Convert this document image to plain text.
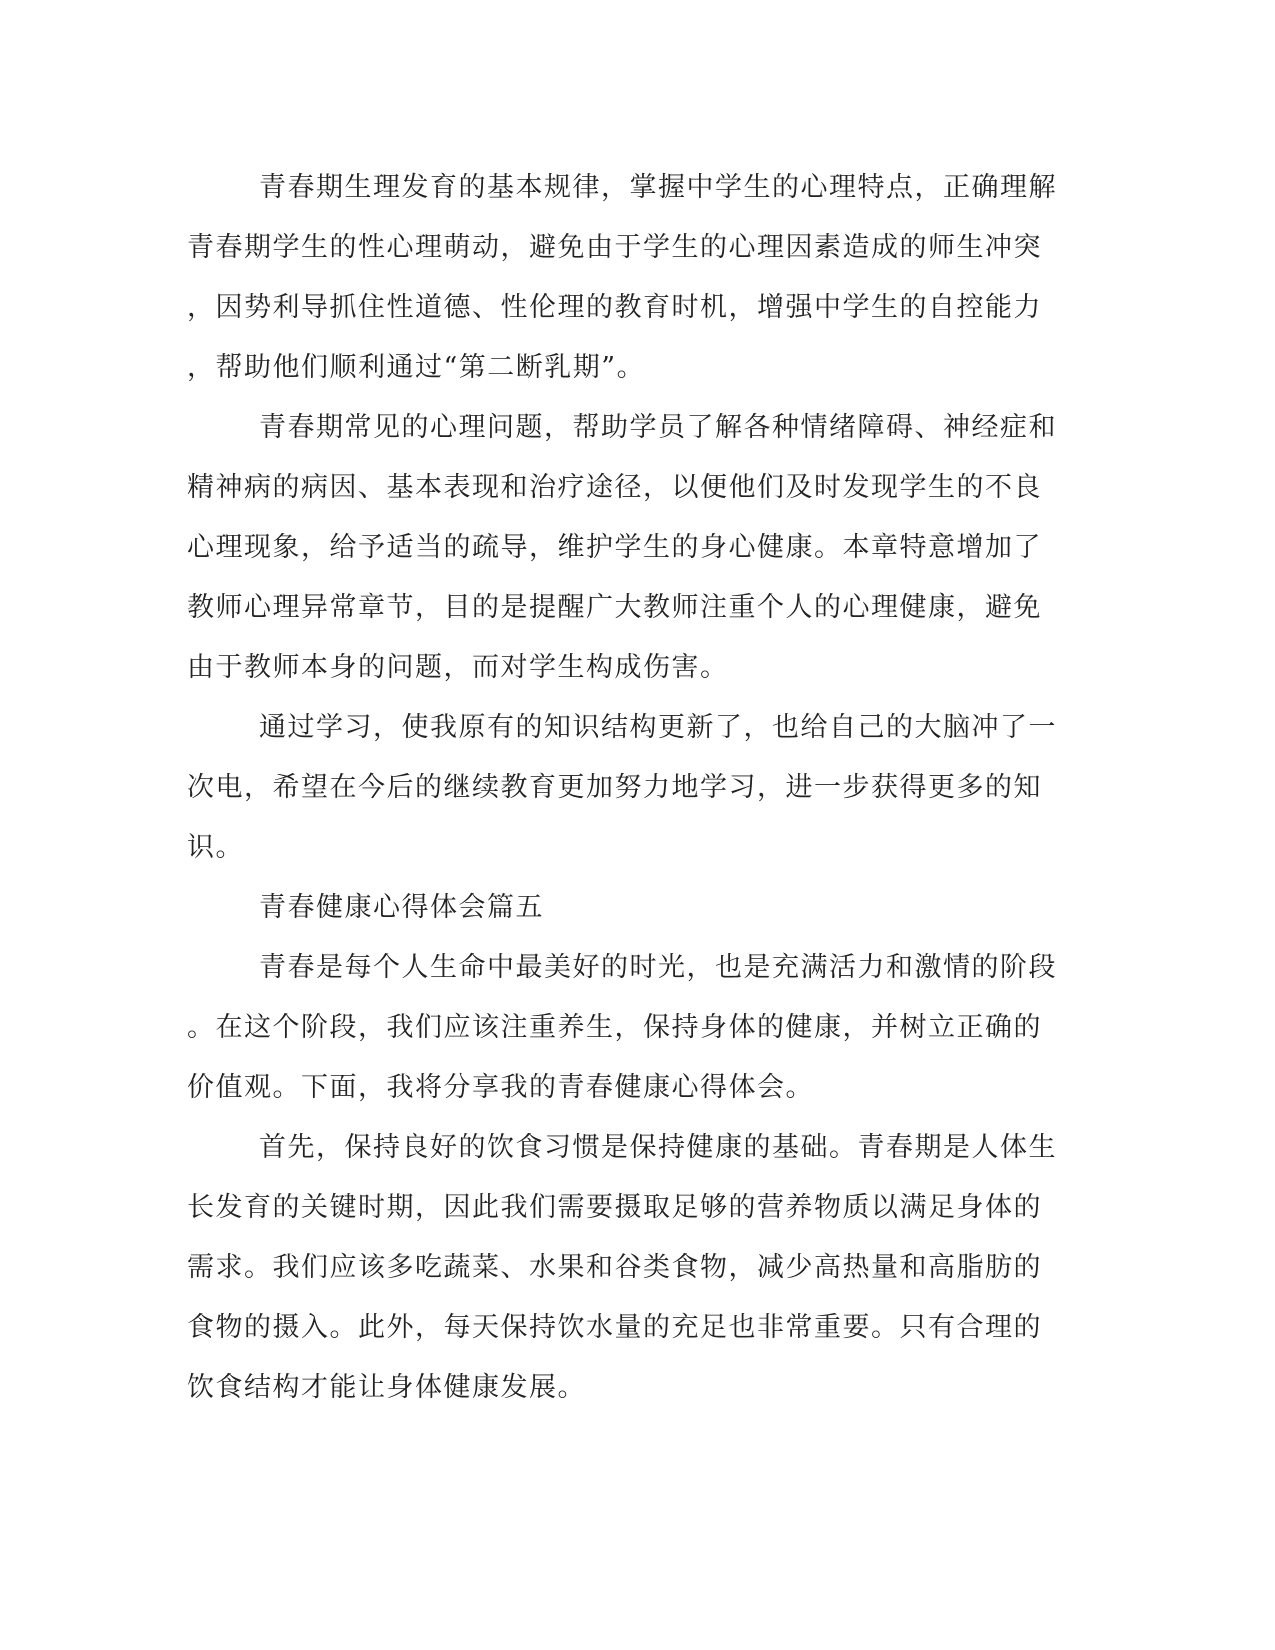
青春期生理发育的基本规律，掌握中学生的心理特点，正确理解
青春期学生的性心理萌动，避免由于学生的心理因素造成的师生冲突
，因势利导抓住性道德、性伦理的教育时机，增强中学生的自控能力
，帮助他们顺利通过“第二断乳期”。
青春期常见的心理问题，帮助学员了解各种情绪障碍、神经症和
精神病的病因、基本表现和治疗途径，以便他们及时发现学生的不良
心理现象，给予适当的疏导，维护学生的身心健康。本章特意增加了
教师心理异常章节，目的是提醒广大教师注重个人的心理健康，避免
由于教师本身的问题，而对学生构成伤害。
通过学习，使我原有的知识结构更新了，也给自己的大脑冲了一
次电，希望在今后的继续教育更加努力地学习，进一步获得更多的知
识。
青春健康心得体会篇五
青春是每个人生命中最美好的时光，也是充满活力和激情的阶段
。在这个阶段，我们应该注重养生，保持身体的健康，并树立正确的
价值观。下面，我将分享我的青春健康心得体会。
首先，保持良好的饮食习惯是保持健康的基础。青春期是人体生
长发育的关键时期，因此我们需要摄取足够的营养物质以满足身体的
需求。我们应该多吃蔬菜、水果和谷类食物，减少高热量和高脂肪的
食物的摄入。此外，每天保持饮水量的充足也非常重要。只有合理的
饮食结构才能让身体健康发展。
